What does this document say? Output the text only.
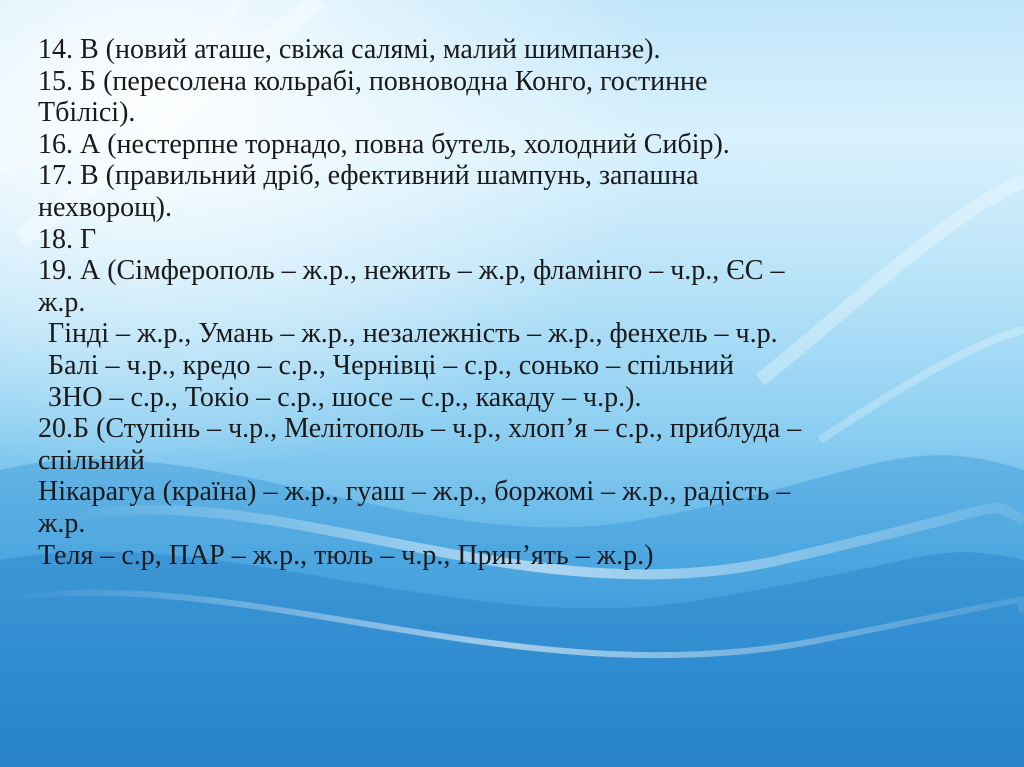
14. В (новий аташе, свіжа салямі, малий шимпанзе).
15. Б (пересолена кольрабі, повноводна Конго, гостинне
Тбілісі).
16. А (нестерпне торнадо, повна бутель, холодний Сибір).
17. В (правильний дріб, ефективний шампунь, запашна
нехворощ).
18. Г
19. А (Сімферополь – ж.р., нежить – ж.р, фламінго – ч.р., ЄС –
ж.р.
Гінді – ж.р., Умань – ж.р., незалежність – ж.р., фенхель – ч.р.
Балі – ч.р., кредо – с.р., Чернівці – с.р., сонько – спільний
ЗНО – с.р., Токіо – с.р., шосе – с.р., какаду – ч.р.).
20.Б (Ступінь – ч.р., Мелітополь – ч.р., хлоп’я – с.р., приблуда –
спільний
Нікарагуа (країна) – ж.р., гуаш – ж.р., боржомі – ж.р., радість –
ж.р.
Теля – с.р, ПАР – ж.р., тюль – ч.р., Прип’ять – ж.р.)
